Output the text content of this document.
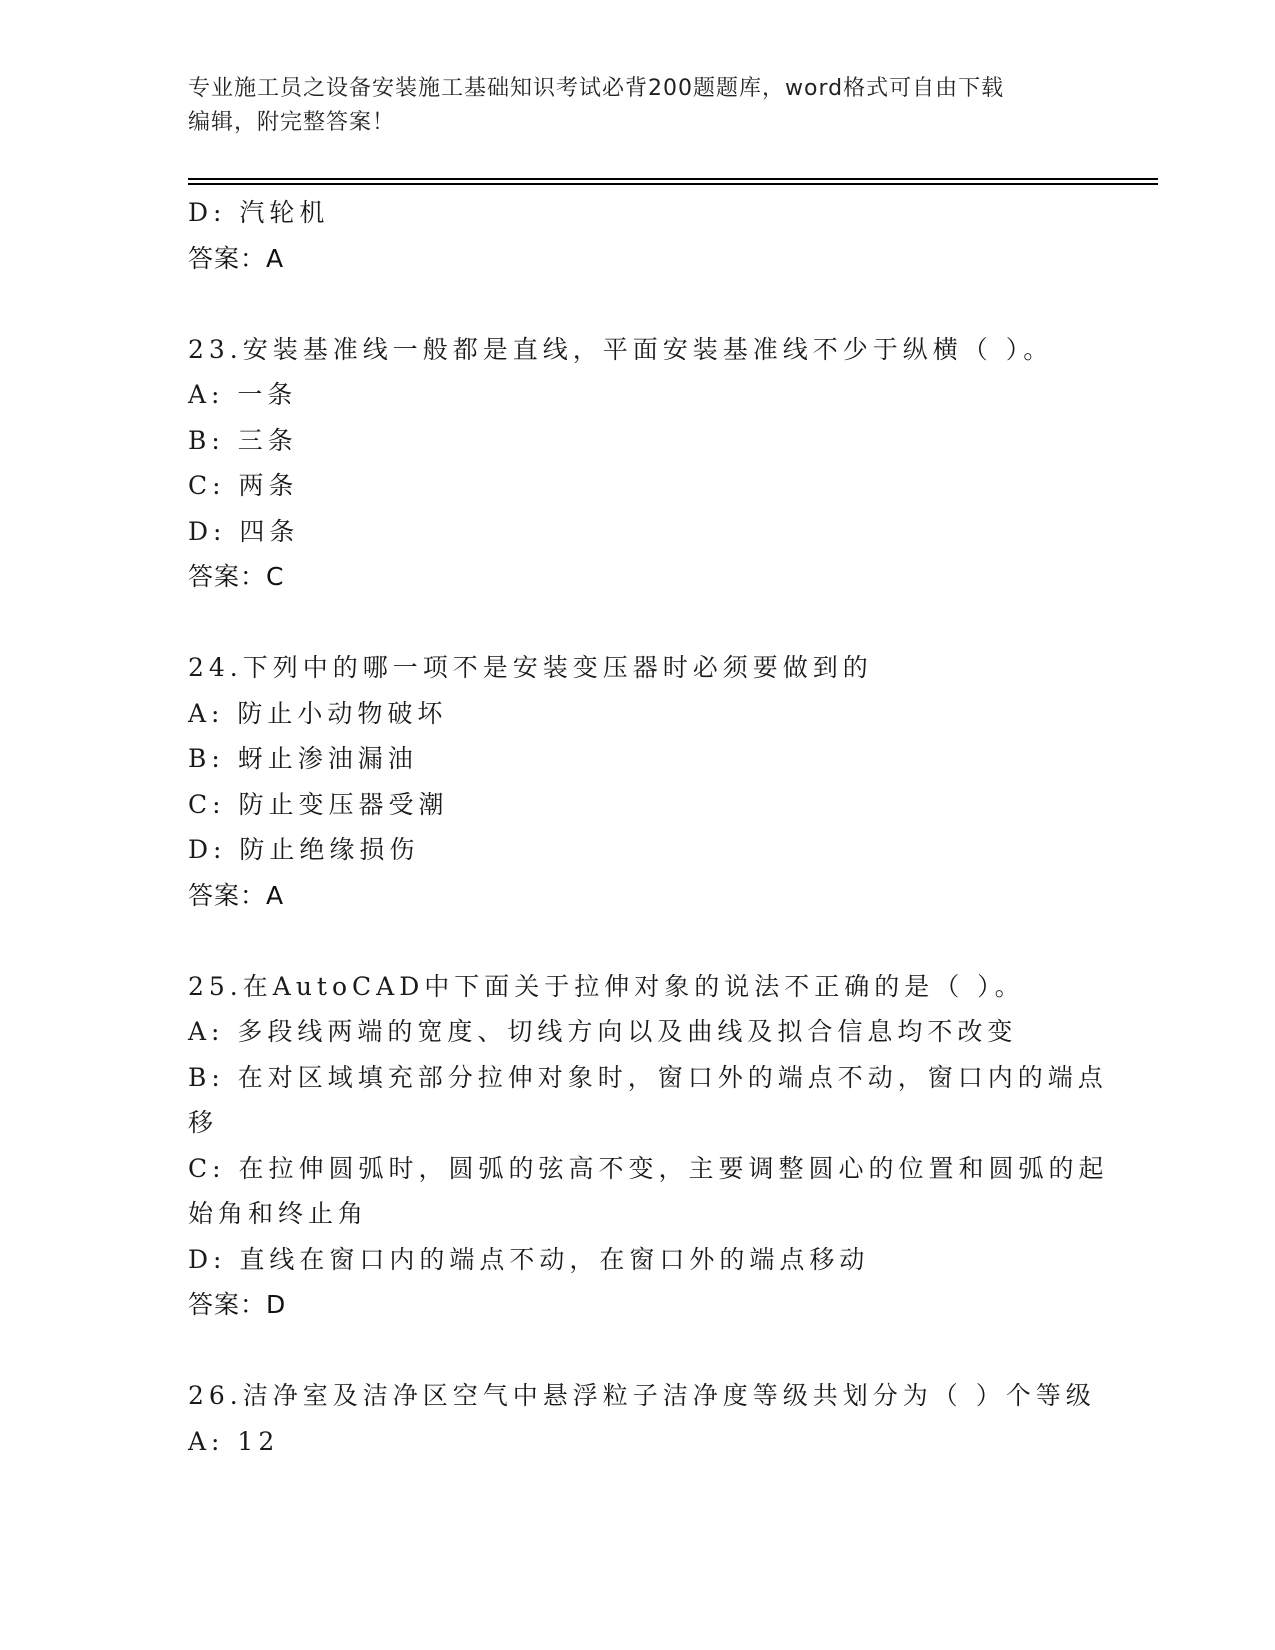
专业施工员之设备安装施工基础知识考试必背200题题库，word格式可自由下载
编辑，附完整答案！
D: 汽轮机
答案：A
23.安装基准线一般都是直线，平面安装基准线不少于纵横（ ）。
A: 一条
B: 三条
C: 两条
D: 四条
答案：C
24.下列中的哪一项不是安装变压器时必须要做到的
A: 防止小动物破坏
B: 蚜止渗油漏油
C: 防止变压器受潮
D: 防止绝缘损伤
答案：A
25.在AutoCAD中下面关于拉伸对象的说法不正确的是（ ）。
A: 多段线两端的宽度、切线方向以及曲线及拟合信息均不改变
B: 在对区域填充部分拉伸对象时，窗口外的端点不动，窗口内的端点
移
C: 在拉伸圆弧时，圆弧的弦高不变，主要调整圆心的位置和圆弧的起
始角和终止角
D: 直线在窗口内的端点不动，在窗口外的端点移动
答案：D
26.洁净室及洁净区空气中悬浮粒子洁净度等级共划分为（ ）个等级
A: 12
